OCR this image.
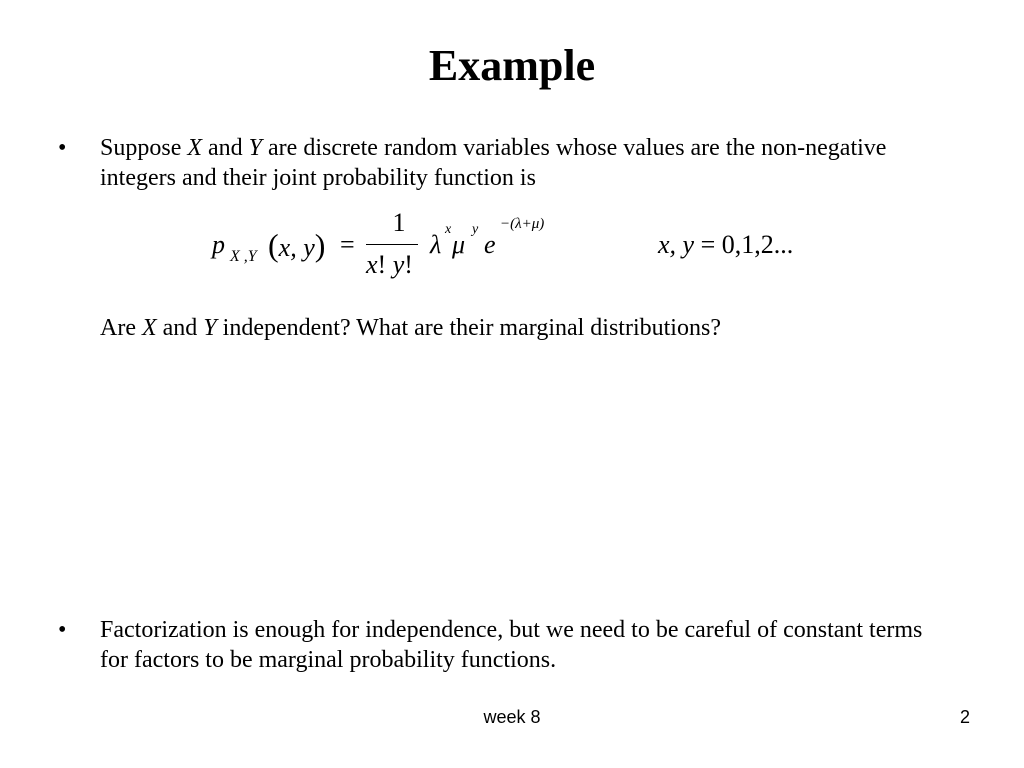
Example
•	Suppose X and Y are discrete random variables whose values are the non-negative integers and their joint probability function is
p X ,Y (x, y) =
1
x! y!
λ
x
μ
y
e
−(λ+μ)
x, y = 0,1,2...
Are X and Y independent? What are their marginal distributions?
•	Factorization is enough for independence, but we need to be careful of constant terms for factors to be marginal probability functions.
week 8	2
